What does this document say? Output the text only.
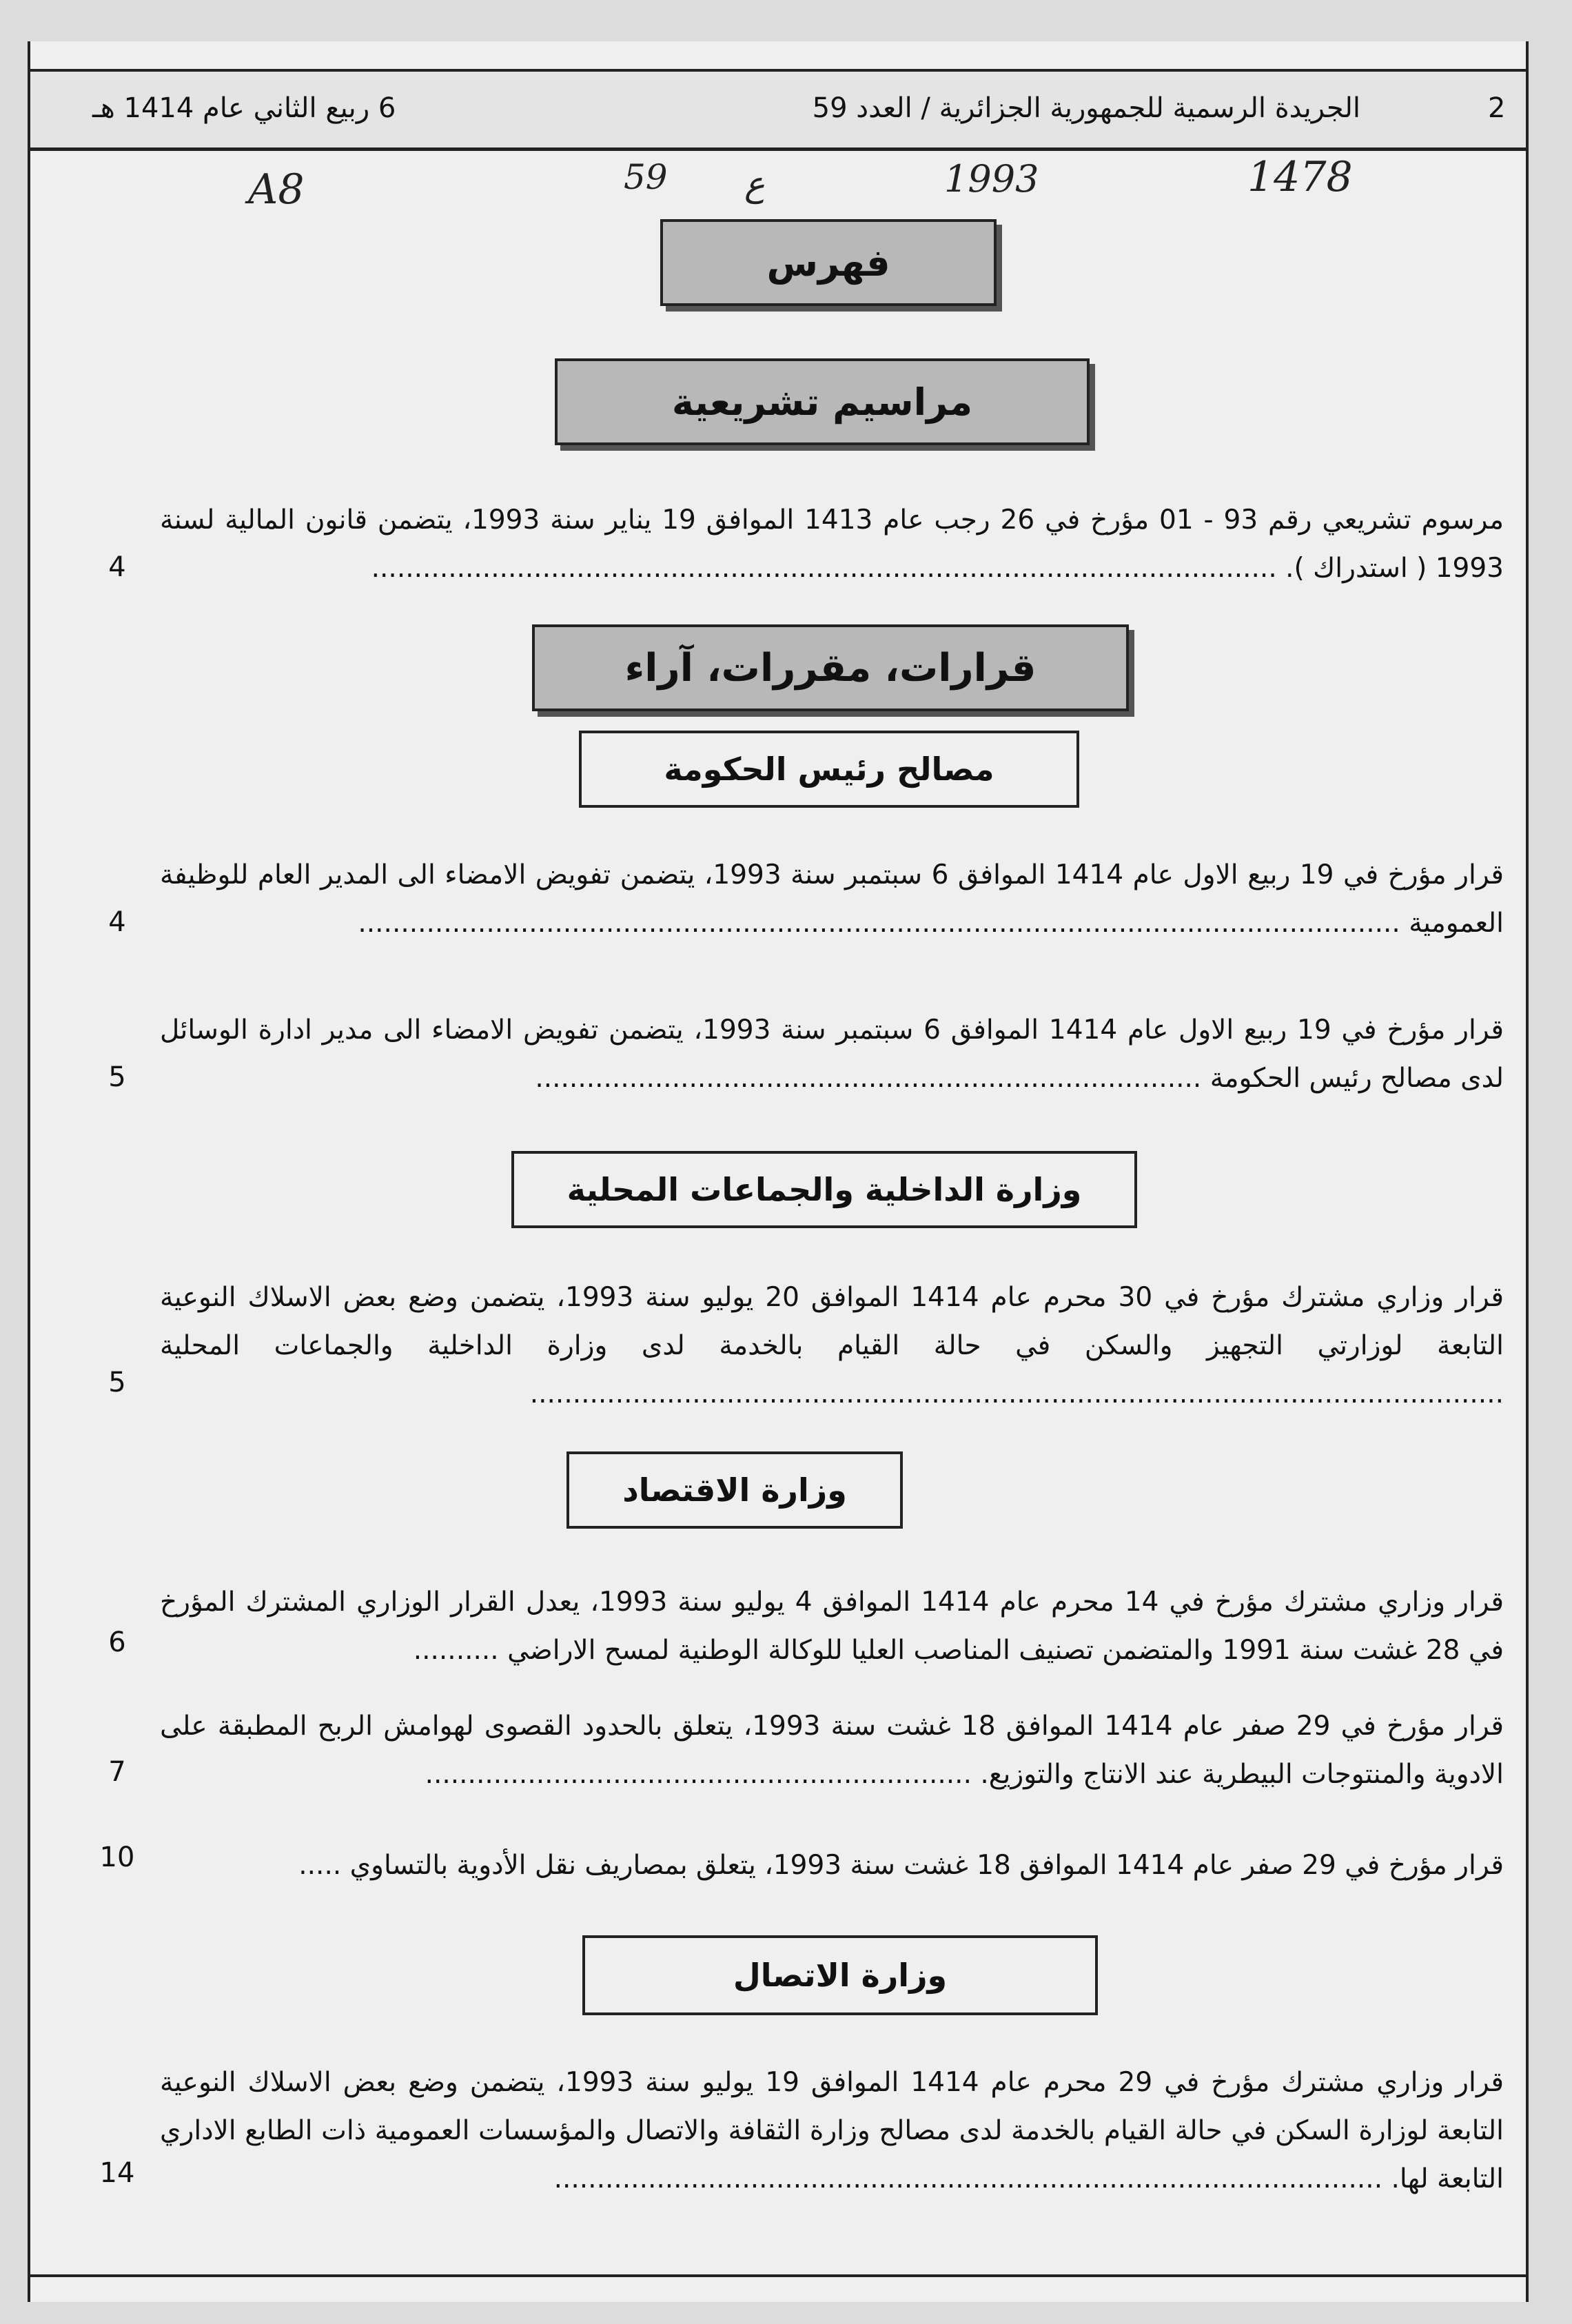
2
الجريدة الرسمية للجمهورية الجزائرية / العدد 59
6 ربيع الثاني عام 1414 هـ
A8	59 ع	1993	1478
فهرس
مراسيم تشريعية
مرسوم تشريعي رقم 93 - 01 مؤرخ في 26 رجب عام 1413 الموافق 19 يناير سنة 1993، يتضمن قانون المالية لسنة 1993 ( استدراك ). ..........................................................................................................
4
قرارات، مقررات، آراء
مصالح رئيس الحكومة
قرار مؤرخ في 19 ربيع الاول عام 1414 الموافق 6 سبتمبر سنة 1993، يتضمن تفويض الامضاء الى المدير العام للوظيفة العمومية ..........................................................................................................................
4
قرار مؤرخ في 19 ربيع الاول عام 1414 الموافق 6 سبتمبر سنة 1993، يتضمن تفويض الامضاء الى مدير ادارة الوسائل لدى مصالح رئيس الحكومة ..............................................................................
5
وزارة الداخلية والجماعات المحلية
قرار وزاري مشترك مؤرخ في 30 محرم عام 1414 الموافق 20 يوليو سنة 1993، يتضمن وضع بعض الاسلاك النوعية التابعة لوزارتي التجهيز والسكن في حالة القيام بالخدمة لدى وزارة الداخلية والجماعات المحلية ..................................................................................................................
5
وزارة الاقتصاد
قرار وزاري مشترك مؤرخ في 14 محرم عام 1414 الموافق 4 يوليو سنة 1993، يعدل القرار الوزاري المشترك المؤرخ في 28 غشت سنة 1991 والمتضمن تصنيف المناصب العليا للوكالة الوطنية لمسح الاراضي ..........
6
قرار مؤرخ في 29 صفر عام 1414 الموافق 18 غشت سنة 1993، يتعلق بالحدود القصوى لهوامش الربح المطبقة على الادوية والمنتوجات البيطرية عند الانتاج والتوزيع. ................................................................
7
قرار مؤرخ في 29 صفر عام 1414 الموافق 18 غشت سنة 1993، يتعلق بمصاريف نقل الأدوية بالتساوي .....
10
وزارة الاتصال
قرار وزاري مشترك مؤرخ في 29 محرم عام 1414 الموافق 19 يوليو سنة 1993، يتضمن وضع بعض الاسلاك النوعية التابعة لوزارة السكن في حالة القيام بالخدمة لدى مصالح وزارة الثقافة والاتصال والمؤسسات العمومية ذات الطابع الاداري التابعة لها. .................................................................................................
14
